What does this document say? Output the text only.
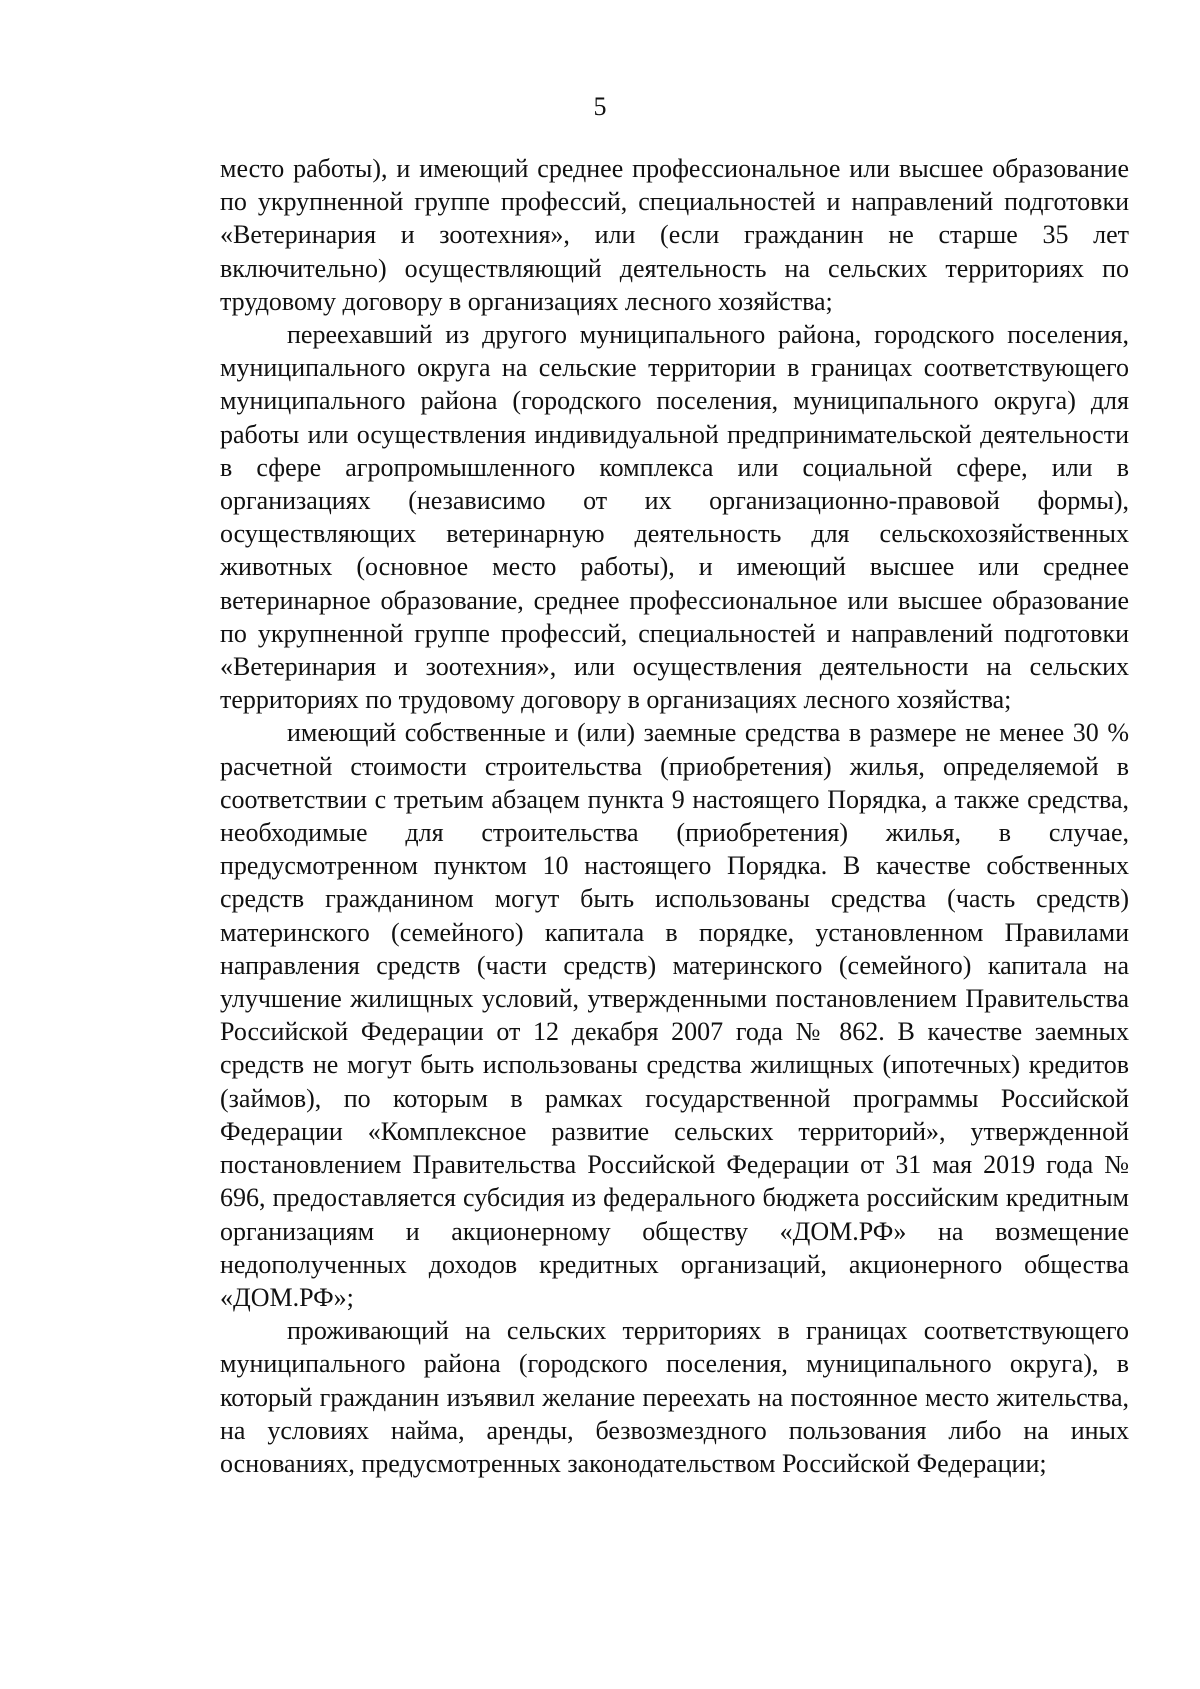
5

место работы), и имеющий среднее профессиональное или высшее образование по укрупненной группе профессий, специальностей и направлений подготовки «Ветеринария и зоотехния», или (если гражданин не старше 35 лет включительно) осуществляющий деятельность на сельских территориях по трудовому договору в организациях лесного хозяйства;

переехавший из другого муниципального района, городского поселения, муниципального округа на сельские территории в границах соответствующего муниципального района (городского поселения, муниципального округа) для работы или осуществления индивидуальной предпринимательской деятельности в сфере агропромышленного комплекса или социальной сфере, или в организациях (независимо от их организационно-правовой формы), осуществляющих ветеринарную деятельность для сельскохозяйственных животных (основное место работы), и имеющий высшее или среднее ветеринарное образование, среднее профессиональное или высшее образование по укрупненной группе профессий, специальностей и направлений подготовки «Ветеринария и зоотехния», или осуществления деятельности на сельских территориях по трудовому договору в организациях лесного хозяйства;

имеющий собственные и (или) заемные средства в размере не менее 30 % расчетной стоимости строительства (приобретения) жилья, определяемой в соответствии с третьим абзацем пункта 9 настоящего Порядка, а также средства, необходимые для строительства (приобретения) жилья, в случае, предусмотренном пунктом 10 настоящего Порядка. В качестве собственных средств гражданином могут быть использованы средства (часть средств) материнского (семейного) капитала в порядке, установленном Правилами направления средств (части средств) материнского (семейного) капитала на улучшение жилищных условий, утвержденными постановлением Правительства Российской Федерации от 12 декабря 2007 года № 862. В качестве заемных средств не могут быть использованы средства жилищных (ипотечных) кредитов (займов), по которым в рамках государственной программы Российской Федерации «Комплексное развитие сельских территорий», утвержденной постановлением Правительства Российской Федерации от 31 мая 2019 года № 696, предоставляется субсидия из федерального бюджета российским кредитным организациям и акционерному обществу «ДОМ.РФ» на возмещение недополученных доходов кредитных организаций, акционерного общества «ДОМ.РФ»;

проживающий на сельских территориях в границах соответствующего муниципального района (городского поселения, муниципального округа), в который гражданин изъявил желание переехать на постоянное место жительства, на условиях найма, аренды, безвозмездного пользования либо на иных основаниях, предусмотренных законодательством Российской Федерации;
